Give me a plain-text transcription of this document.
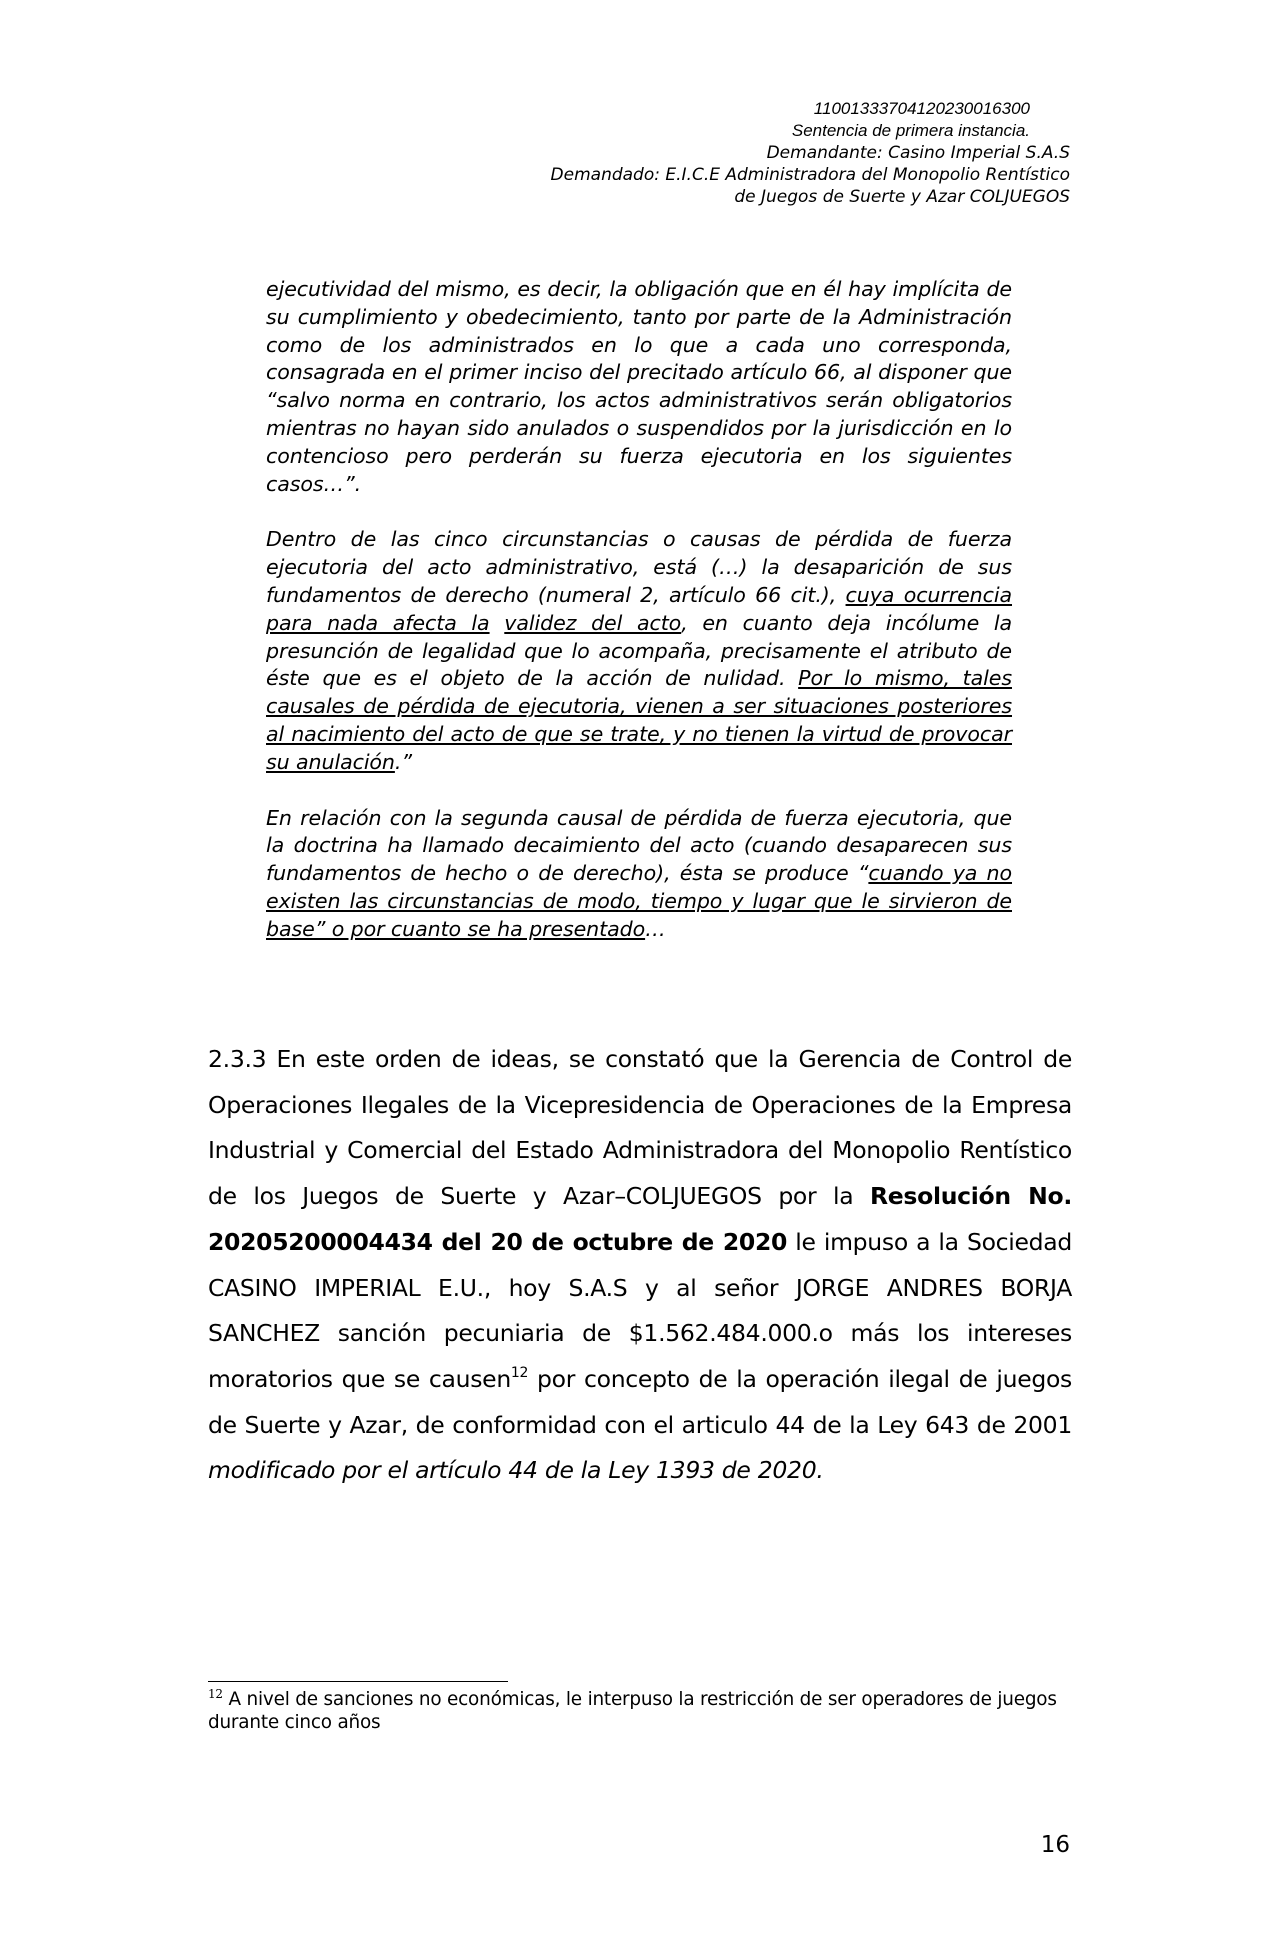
11001333704120230016300
Sentencia de primera instancia.
Demandante: Casino Imperial S.A.S
Demandado: E.I.C.E Administradora del Monopolio Rentístico
de Juegos de Suerte y Azar COLJUEGOS

ejecutividad del mismo, es decir, la obligación que en él hay implícita de su cumplimiento y obedecimiento, tanto por parte de la Administración como de los administrados en lo que a cada uno corresponda, consagrada en el primer inciso del precitado artículo 66, al disponer que “salvo norma en contrario, los actos administrativos serán obligatorios mientras no hayan sido anulados o suspendidos por la jurisdicción en lo contencioso pero perderán su fuerza ejecutoria en los siguientes casos…”.

Dentro de las cinco circunstancias o causas de pérdida de fuerza ejecutoria del acto administrativo, está (…) la desaparición de sus fundamentos de derecho (numeral 2, artículo 66 cit.), cuya ocurrencia para nada afecta la validez del acto, en cuanto deja incólume la presunción de legalidad que lo acompaña, precisamente el atributo de éste que es el objeto de la acción de nulidad. Por lo mismo, tales causales de pérdida de ejecutoria, vienen a ser situaciones posteriores al nacimiento del acto de que se trate, y no tienen la virtud de provocar su anulación.”

En relación con la segunda causal de pérdida de fuerza ejecutoria, que la doctrina ha llamado decaimiento del acto (cuando desaparecen sus fundamentos de hecho o de derecho), ésta se produce “cuando ya no existen las circunstancias de modo, tiempo y lugar que le sirvieron de base” o por cuanto se ha presentado…

2.3.3 En este orden de ideas, se constató que la Gerencia de Control de Operaciones Ilegales de la Vicepresidencia de Operaciones de la Empresa Industrial y Comercial del Estado Administradora del Monopolio Rentístico de los Juegos de Suerte y Azar–COLJUEGOS por la Resolución No. 20205200004434 del 20 de octubre de 2020 le impuso a la Sociedad CASINO IMPERIAL E.U., hoy S.A.S y al señor JORGE ANDRES BORJA SANCHEZ sanción pecuniaria de $1.562.484.000.o más los intereses moratorios que se causen$^{12}$ por concepto de la operación ilegal de juegos de Suerte y Azar, de conformidad con el articulo 44 de la Ley 643 de 2001 modificado por el artículo 44 de la Ley 1393 de 2020.

$^{12}$ A nivel de sanciones no económicas, le interpuso la restricción de ser operadores de juegos durante cinco años
16
